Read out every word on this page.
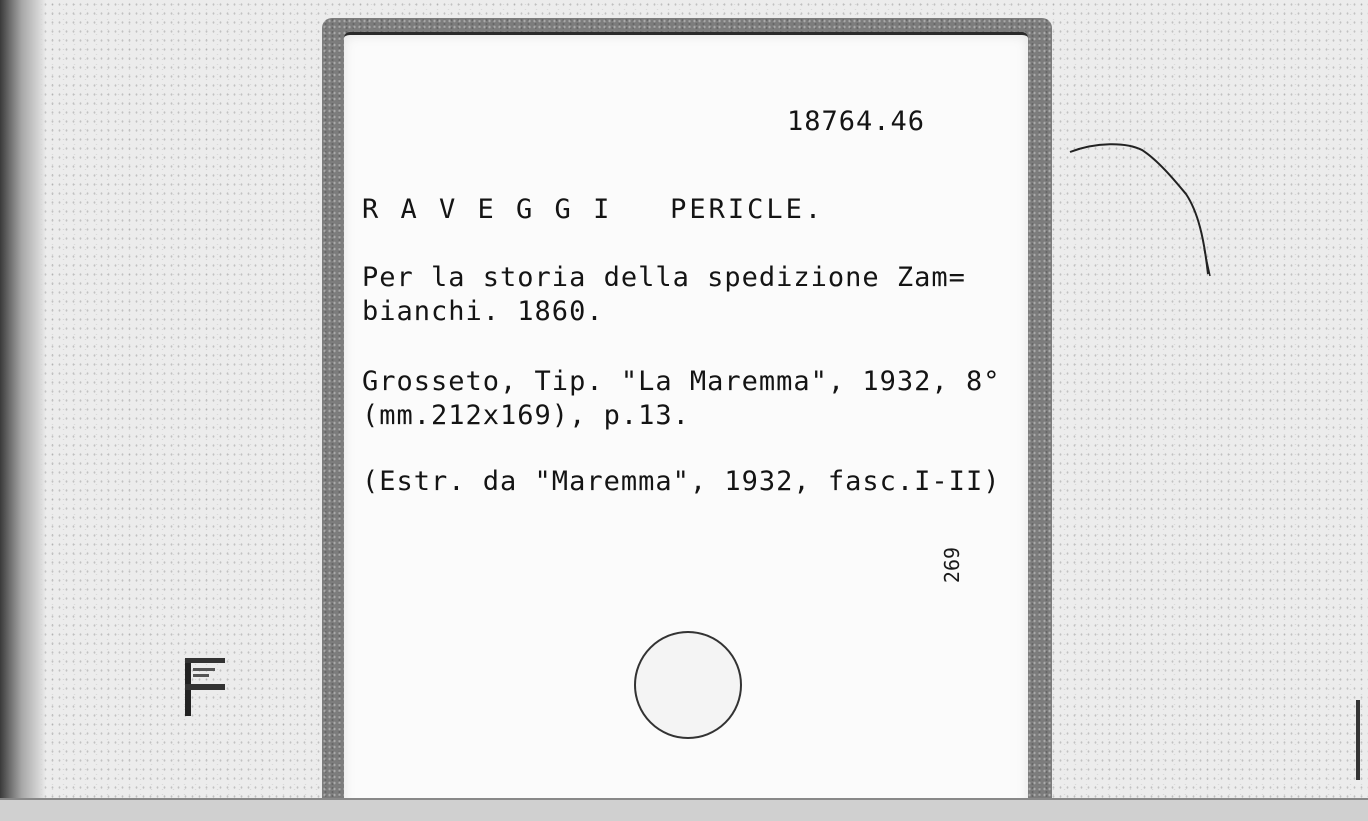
18764.46
R A V E G G I   PERICLE.
Per la storia della spedizione Zam=
bianchi. 1860.
Grosseto, Tip. "La Maremma", 1932, 8°
(mm.212x169), p.13.
(Estr. da "Maremma", 1932, fasc.I-II)
269
